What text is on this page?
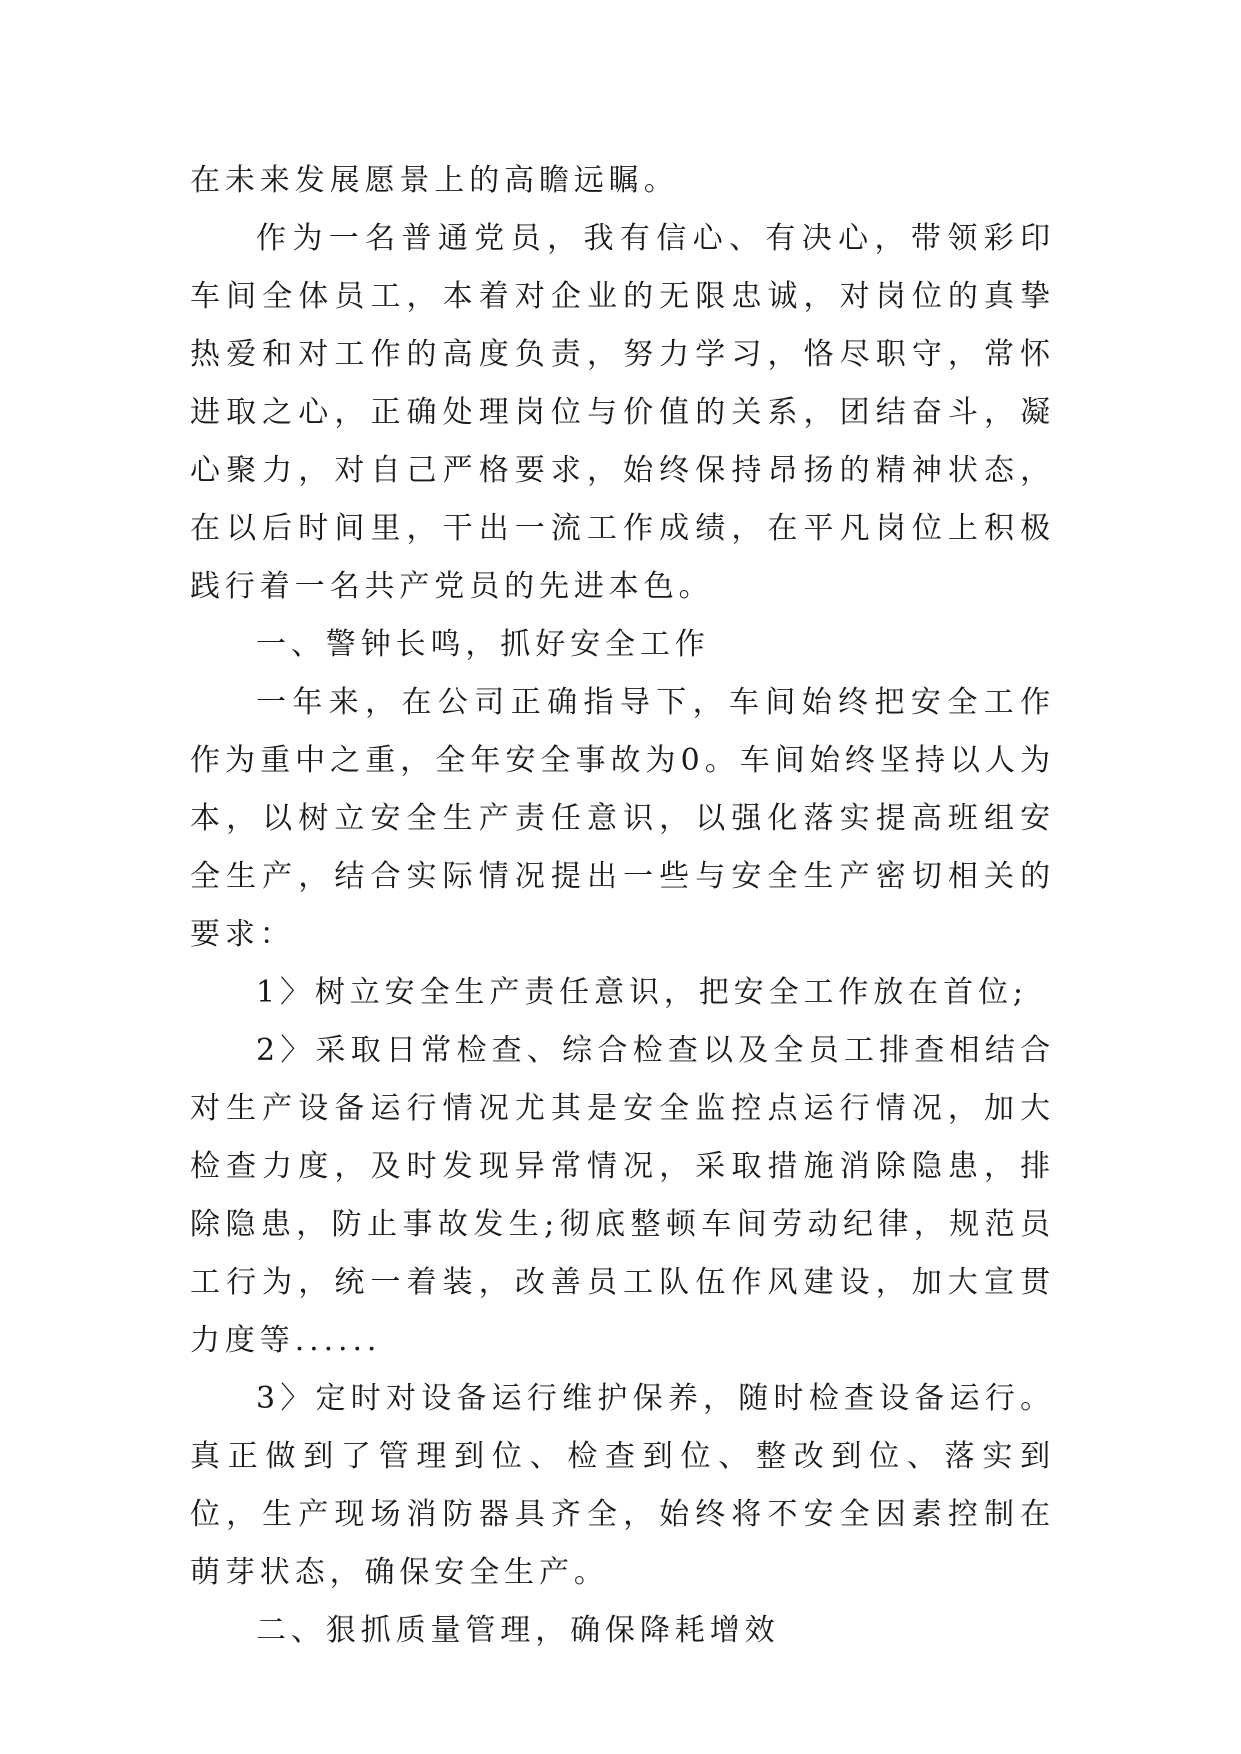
在未来发展愿景上的高瞻远瞩。

作为一名普通党员，我有信心、有决心，带领彩印车间全体员工，本着对企业的无限忠诚，对岗位的真挚热爱和对工作的高度负责，努力学习，恪尽职守，常怀进取之心，正确处理岗位与价值的关系，团结奋斗，凝心聚力，对自己严格要求，始终保持昂扬的精神状态，在以后时间里，干出一流工作成绩，在平凡岗位上积极践行着一名共产党员的先进本色。

一、警钟长鸣，抓好安全工作

一年来，在公司正确指导下，车间始终把安全工作作为重中之重，全年安全事故为0。车间始终坚持以人为本，以树立安全生产责任意识，以强化落实提高班组安全生产，结合实际情况提出一些与安全生产密切相关的要求：

1〉树立安全生产责任意识，把安全工作放在首位;

2〉采取日常检查、综合检查以及全员工排查相结合对生产设备运行情况尤其是安全监控点运行情况，加大检查力度，及时发现异常情况，采取措施消除隐患，排除隐患，防止事故发生;彻底整顿车间劳动纪律，规范员工行为，统一着装，改善员工队伍作风建设，加大宣贯力度等......

3〉定时对设备运行维护保养，随时检查设备运行。真正做到了管理到位、检查到位、整改到位、落实到位，生产现场消防器具齐全，始终将不安全因素控制在萌芽状态，确保安全生产。

二、狠抓质量管理，确保降耗增效
